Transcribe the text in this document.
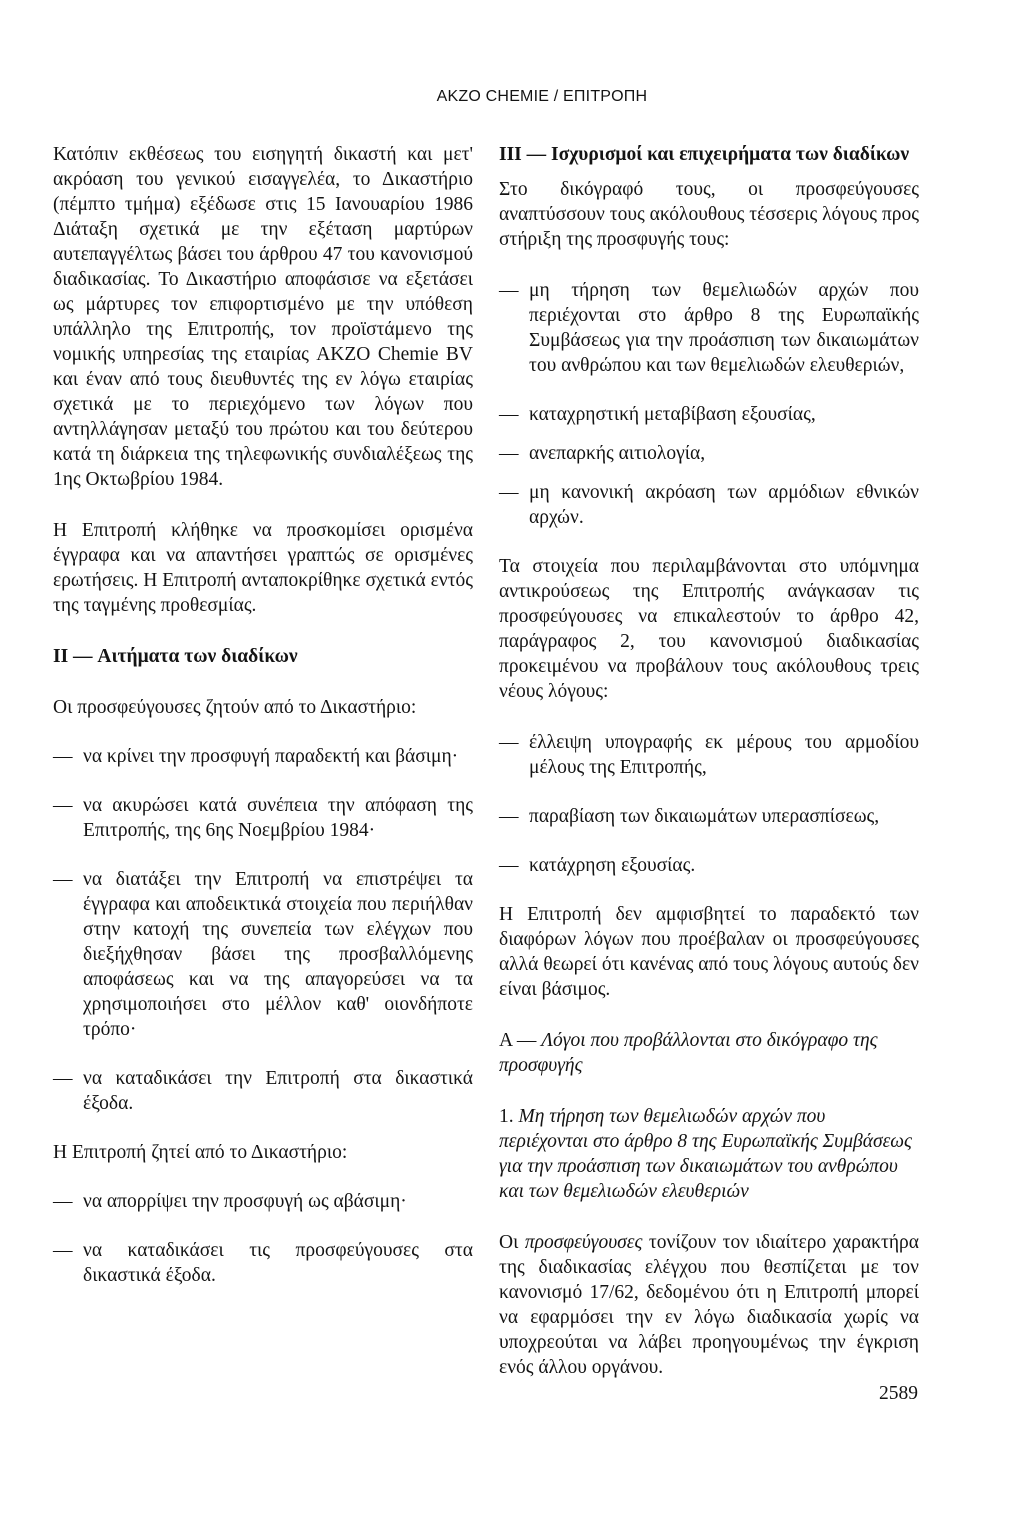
AKZO CHEMIE / ΕΠΙΤΡΟΠΗ

Κατόπιν εκθέσεως του εισηγητή δικαστή και μετ' ακρόαση του γενικού εισαγγελέα, το Δικαστήριο (πέμπτο τμήμα) εξέδωσε στις 15 Ιανουαρίου 1986 Διάταξη σχετικά με την εξέταση μαρτύρων αυτεπαγγέλτως βάσει του άρθρου 47 του κανονισμού διαδικασίας. Το Δικαστήριο αποφάσισε να εξετάσει ως μάρτυρες τον επιφορτισμένο με την υπόθεση υπάλληλο της Επιτροπής, τον προϊστάμενο της νομικής υπηρεσίας της εταιρίας AKZO Chemie BV και έναν από τους διευθυντές της εν λόγω εταιρίας σχετικά με το περιεχόμενο των λόγων που αντηλλάγησαν μεταξύ του πρώτου και του δεύτερου κατά τη διάρκεια της τηλεφωνικής συνδιαλέξεως της 1ης Οκτωβρίου 1984.

Η Επιτροπή κλήθηκε να προσκομίσει ορισμένα έγγραφα και να απαντήσει γραπτώς σε ορισμένες ερωτήσεις. Η Επιτροπή ανταποκρίθηκε σχετικά εντός της ταγμένης προθεσμίας.

II — Αιτήματα των διαδίκων

Οι προσφεύγουσες ζητούν από το Δικαστήριο:

— να κρίνει την προσφυγή παραδεκτή και βάσιμη·
— να ακυρώσει κατά συνέπεια την απόφαση της Επιτροπής, της 6ης Νοεμβρίου 1984·
— να διατάξει την Επιτροπή να επιστρέψει τα έγγραφα και αποδεικτικά στοιχεία που περιήλθαν στην κατοχή της συνεπεία των ελέγχων που διεξήχθησαν βάσει της προσβαλλόμενης αποφάσεως και να της απαγορεύσει να τα χρησιμοποιήσει στο μέλλον καθ' οιονδήποτε τρόπο·
— να καταδικάσει την Επιτροπή στα δικαστικά έξοδα.

Η Επιτροπή ζητεί από το Δικαστήριο:

— να απορρίψει την προσφυγή ως αβάσιμη·
— να καταδικάσει τις προσφεύγουσες στα δικαστικά έξοδα.
III — Ισχυρισμοί και επιχειρήματα των διαδίκων

Στο δικόγραφό τους, οι προσφεύγουσες αναπτύσσουν τους ακόλουθους τέσσερις λόγους προς στήριξη της προσφυγής τους:

— μη τήρηση των θεμελιωδών αρχών που περιέχονται στο άρθρο 8 της Ευρωπαϊκής Συμβάσεως για την προάσπιση των δικαιωμάτων του ανθρώπου και των θεμελιωδών ελευθεριών,
— καταχρηστική μεταβίβαση εξουσίας,
— ανεπαρκής αιτιολογία,
— μη κανονική ακρόαση των αρμόδιων εθνικών αρχών.

Τα στοιχεία που περιλαμβάνονται στο υπόμνημα αντικρούσεως της Επιτροπής ανάγκασαν τις προσφεύγουσες να επικαλεστούν το άρθρο 42, παράγραφος 2, του κανονισμού διαδικασίας προκειμένου να προβάλουν τους ακόλουθους τρεις νέους λόγους:

— έλλειψη υπογραφής εκ μέρους του αρμοδίου μέλους της Επιτροπής,
— παραβίαση των δικαιωμάτων υπερασπίσεως,
— κατάχρηση εξουσίας.

Η Επιτροπή δεν αμφισβητεί το παραδεκτό των διαφόρων λόγων που προέβαλαν οι προσφεύγουσες αλλά θεωρεί ότι κανένας από τους λόγους αυτούς δεν είναι βάσιμος.

A — Λόγοι που προβάλλονται στο δικόγραφο της προσφυγής
1. Μη τήρηση των θεμελιωδών αρχών που περιέχονται στο άρθρο 8 της Ευρωπαϊκής Συμβάσεως για την προάσπιση των δικαιωμάτων του ανθρώπου και των θεμελιωδών ελευθεριών

Οι προσφεύγουσες τονίζουν τον ιδιαίτερο χαρακτήρα της διαδικασίας ελέγχου που θεσπίζεται με τον κανονισμό 17/62, δεδομένου ότι η Επιτροπή μπορεί να εφαρμόσει την εν λόγω διαδικασία χωρίς να υποχρεούται να λάβει προηγουμένως την έγκριση ενός άλλου οργάνου.

2589
